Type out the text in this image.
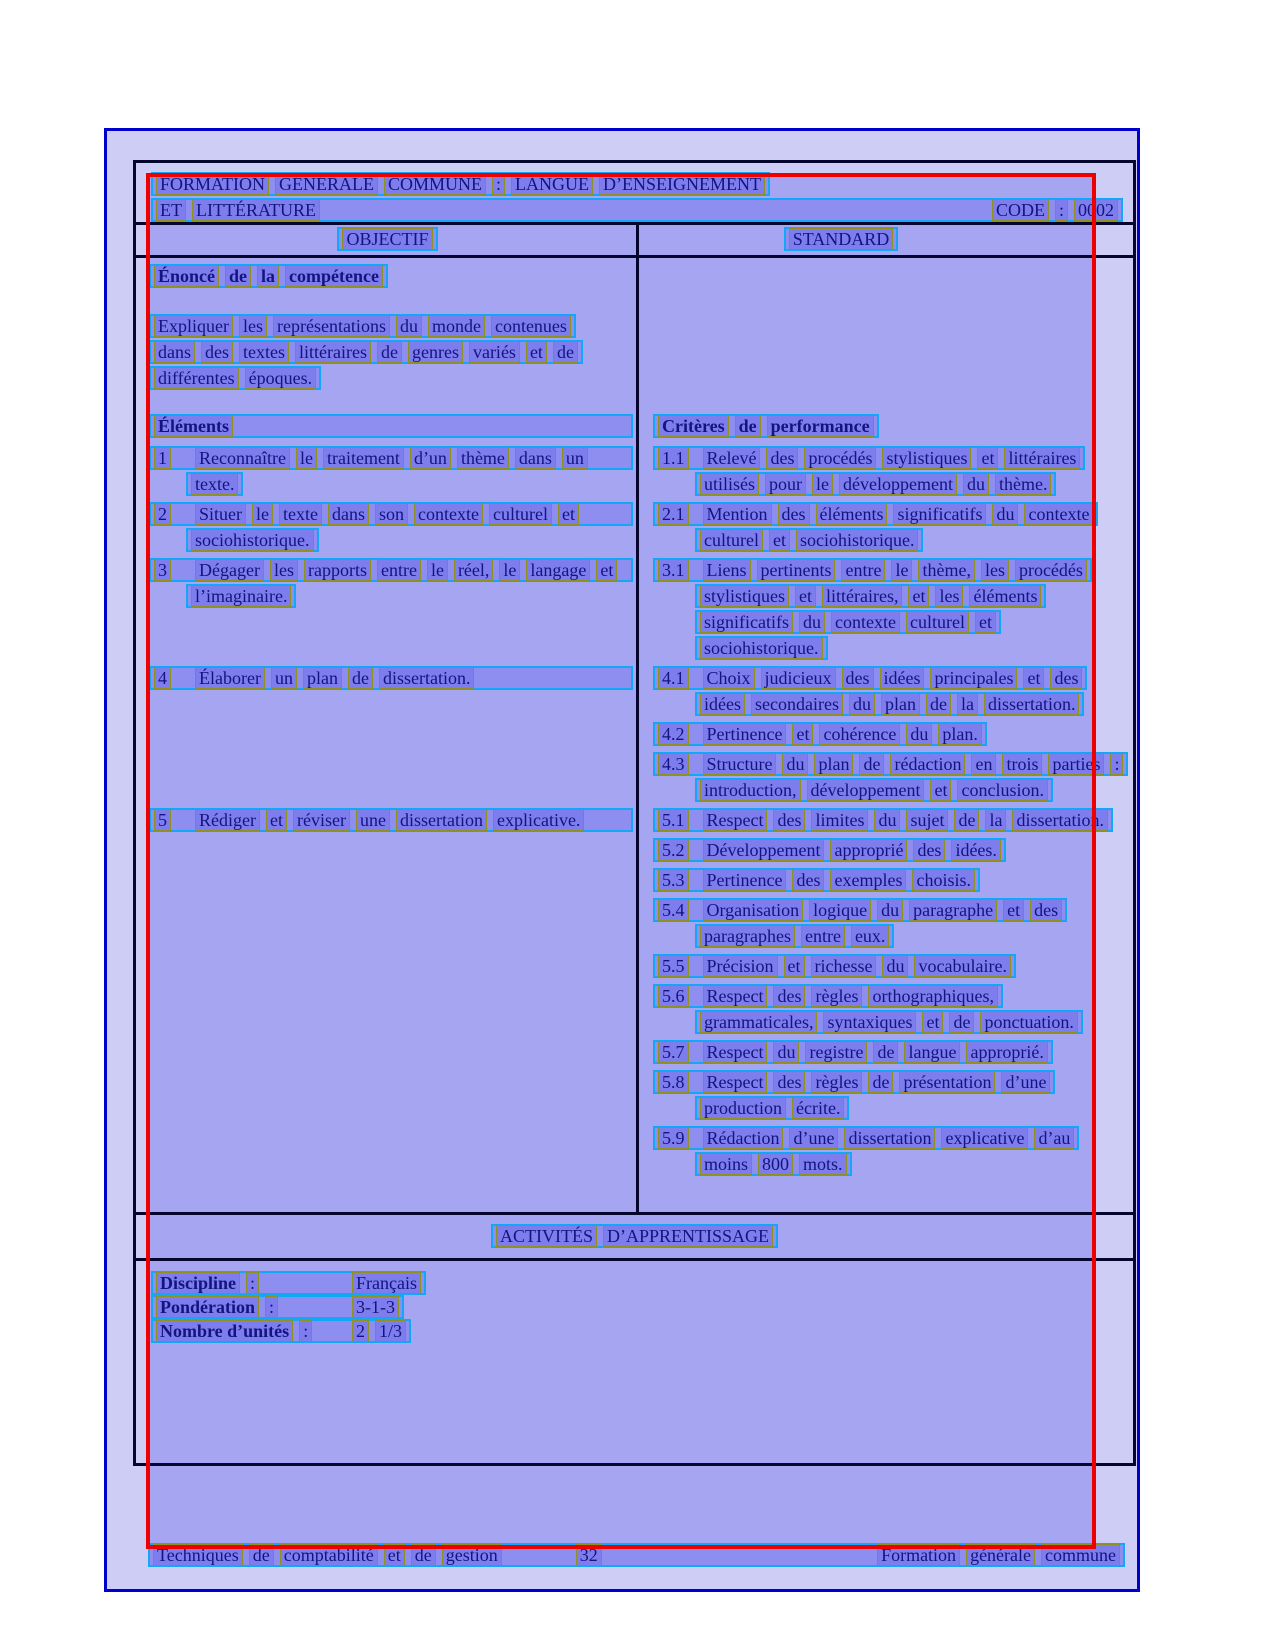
FORMATION GÉNÉRALE COMMUNE : LANGUE D’ENSEIGNEMENT
ET LITTÉRATURE	CODE : 0002
OBJECTIF	STANDARD
Énoncé de la compétence
Expliquer les représentations du monde contenues
dans des textes littéraires de genres variés et de
différentes époques.
Éléments	Critères de performance
1 Reconnaître le traitement d’un thème dans un
texte.
1.1 Relevé des procédés stylistiques et littéraires
utilisés pour le développement du thème.
2 Situer le texte dans son contexte culturel et
sociohistorique.
2.1 Mention des éléments significatifs du contexte
culturel et sociohistorique.
3 Dégager les rapports entre le réel, le langage et
l’imaginaire.
3.1 Liens pertinents entre le thème, les procédés
stylistiques et littéraires, et les éléments
significatifs du contexte culturel et
sociohistorique.
4 Élaborer un plan de dissertation.	4.1 Choix judicieux des idées principales et des
idées secondaires du plan de la dissertation.
4.2 Pertinence et cohérence du plan.
4.3 Structure du plan de rédaction en trois parties :
introduction, développement et conclusion.
5 Rédiger et réviser une dissertation explicative.	5.1 Respect des limites du sujet de la dissertation.
5.2 Développement approprié des idées.
5.3 Pertinence des exemples choisis.
5.4 Organisation logique du paragraphe et des
paragraphes entre eux.
5.5 Précision et richesse du vocabulaire.
5.6 Respect des règles orthographiques,
grammaticales, syntaxiques et de ponctuation.
5.7 Respect du registre de langue approprié.
5.8 Respect des règles de présentation d’une
production écrite.
5.9 Rédaction d’une dissertation explicative d’au
moins 800 mots.
ACTIVITÉS D’APPRENTISSAGE
Discipline :	Français
Pondération :	3-1-3
Nombre d’unités :	2 1/3
Techniques de comptabilité et de gestion	32	Formation générale commune
